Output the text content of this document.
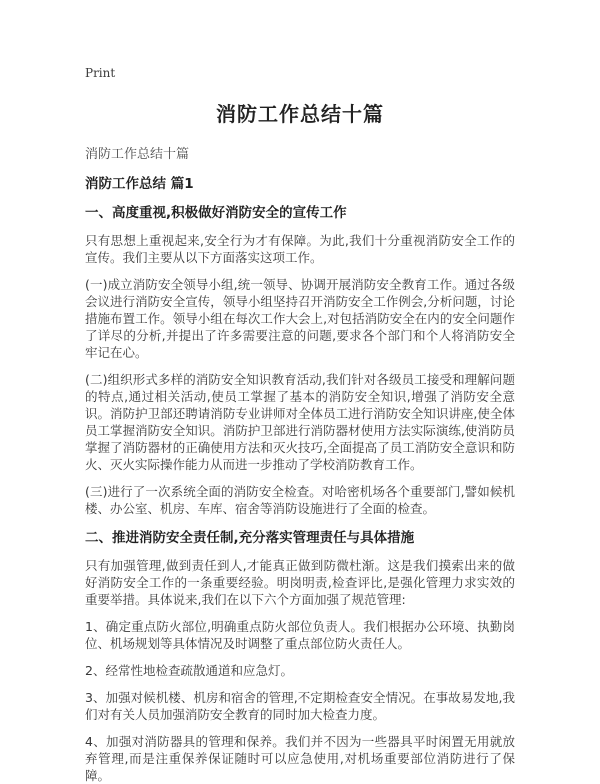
Print
消防工作总结十篇

消防工作总结十篇

消防工作总结 篇1

一、高度重视,积极做好消防安全的宣传工作

只有思想上重视起来,安全行为才有保障。为此,我们十分重视消防安全工作的宣传。我们主要从以下方面落实这项工作。

(一)成立消防安全领导小组,统一领导、协调开展消防安全教育工作。通过各级会议进行消防安全宣传，领导小组坚持召开消防安全工作例会,分析问题，讨论措施布置工作。领导小组在每次工作大会上,对包括消防安全在内的安全问题作了详尽的分析,并提出了许多需要注意的问题,要求各个部门和个人将消防安全牢记在心。

(二)组织形式多样的消防安全知识教育活动,我们针对各级员工接受和理解问题的特点,通过相关活动,使员工掌握了基本的消防安全知识,增强了消防安全意识。消防护卫部还聘请消防专业讲师对全体员工进行消防安全知识讲座,使全体员工掌握消防安全知识。消防护卫部进行消防器材使用方法实际演练,使消防员掌握了消防器材的正确使用方法和灭火技巧,全面提高了员工消防安全意识和防火、灭火实际操作能力从而进一步推动了学校消防教育工作。

(三)进行了一次系统全面的消防安全检查。对哈密机场各个重要部门,譬如候机楼、办公室、机房、车库、宿舍等消防设施进行了全面的检查。

二、推进消防安全责任制,充分落实管理责任与具体措施

只有加强管理,做到责任到人,才能真正做到防微杜渐。这是我们摸索出来的做好消防安全工作的一条重要经验。明岗明责,检查评比,是强化管理力求实效的重要举措。具体说来,我们在以下六个方面加强了规范管理:

1、确定重点防火部位,明确重点防火部位负责人。我们根据办公环境、执勤岗位、机场规划等具体情况及时调整了重点部位防火责任人。

2、经常性地检查疏散通道和应急灯。

3、加强对候机楼、机房和宿舍的管理,不定期检查安全情况。在事故易发地,我们对有关人员加强消防安全教育的同时加大检查力度。

4、加强对消防器具的管理和保养。我们并不因为一些器具平时闲置无用就放弃管理,而是注重保养保证随时可以应急使用,对机场重要部位消防进行了保障。
